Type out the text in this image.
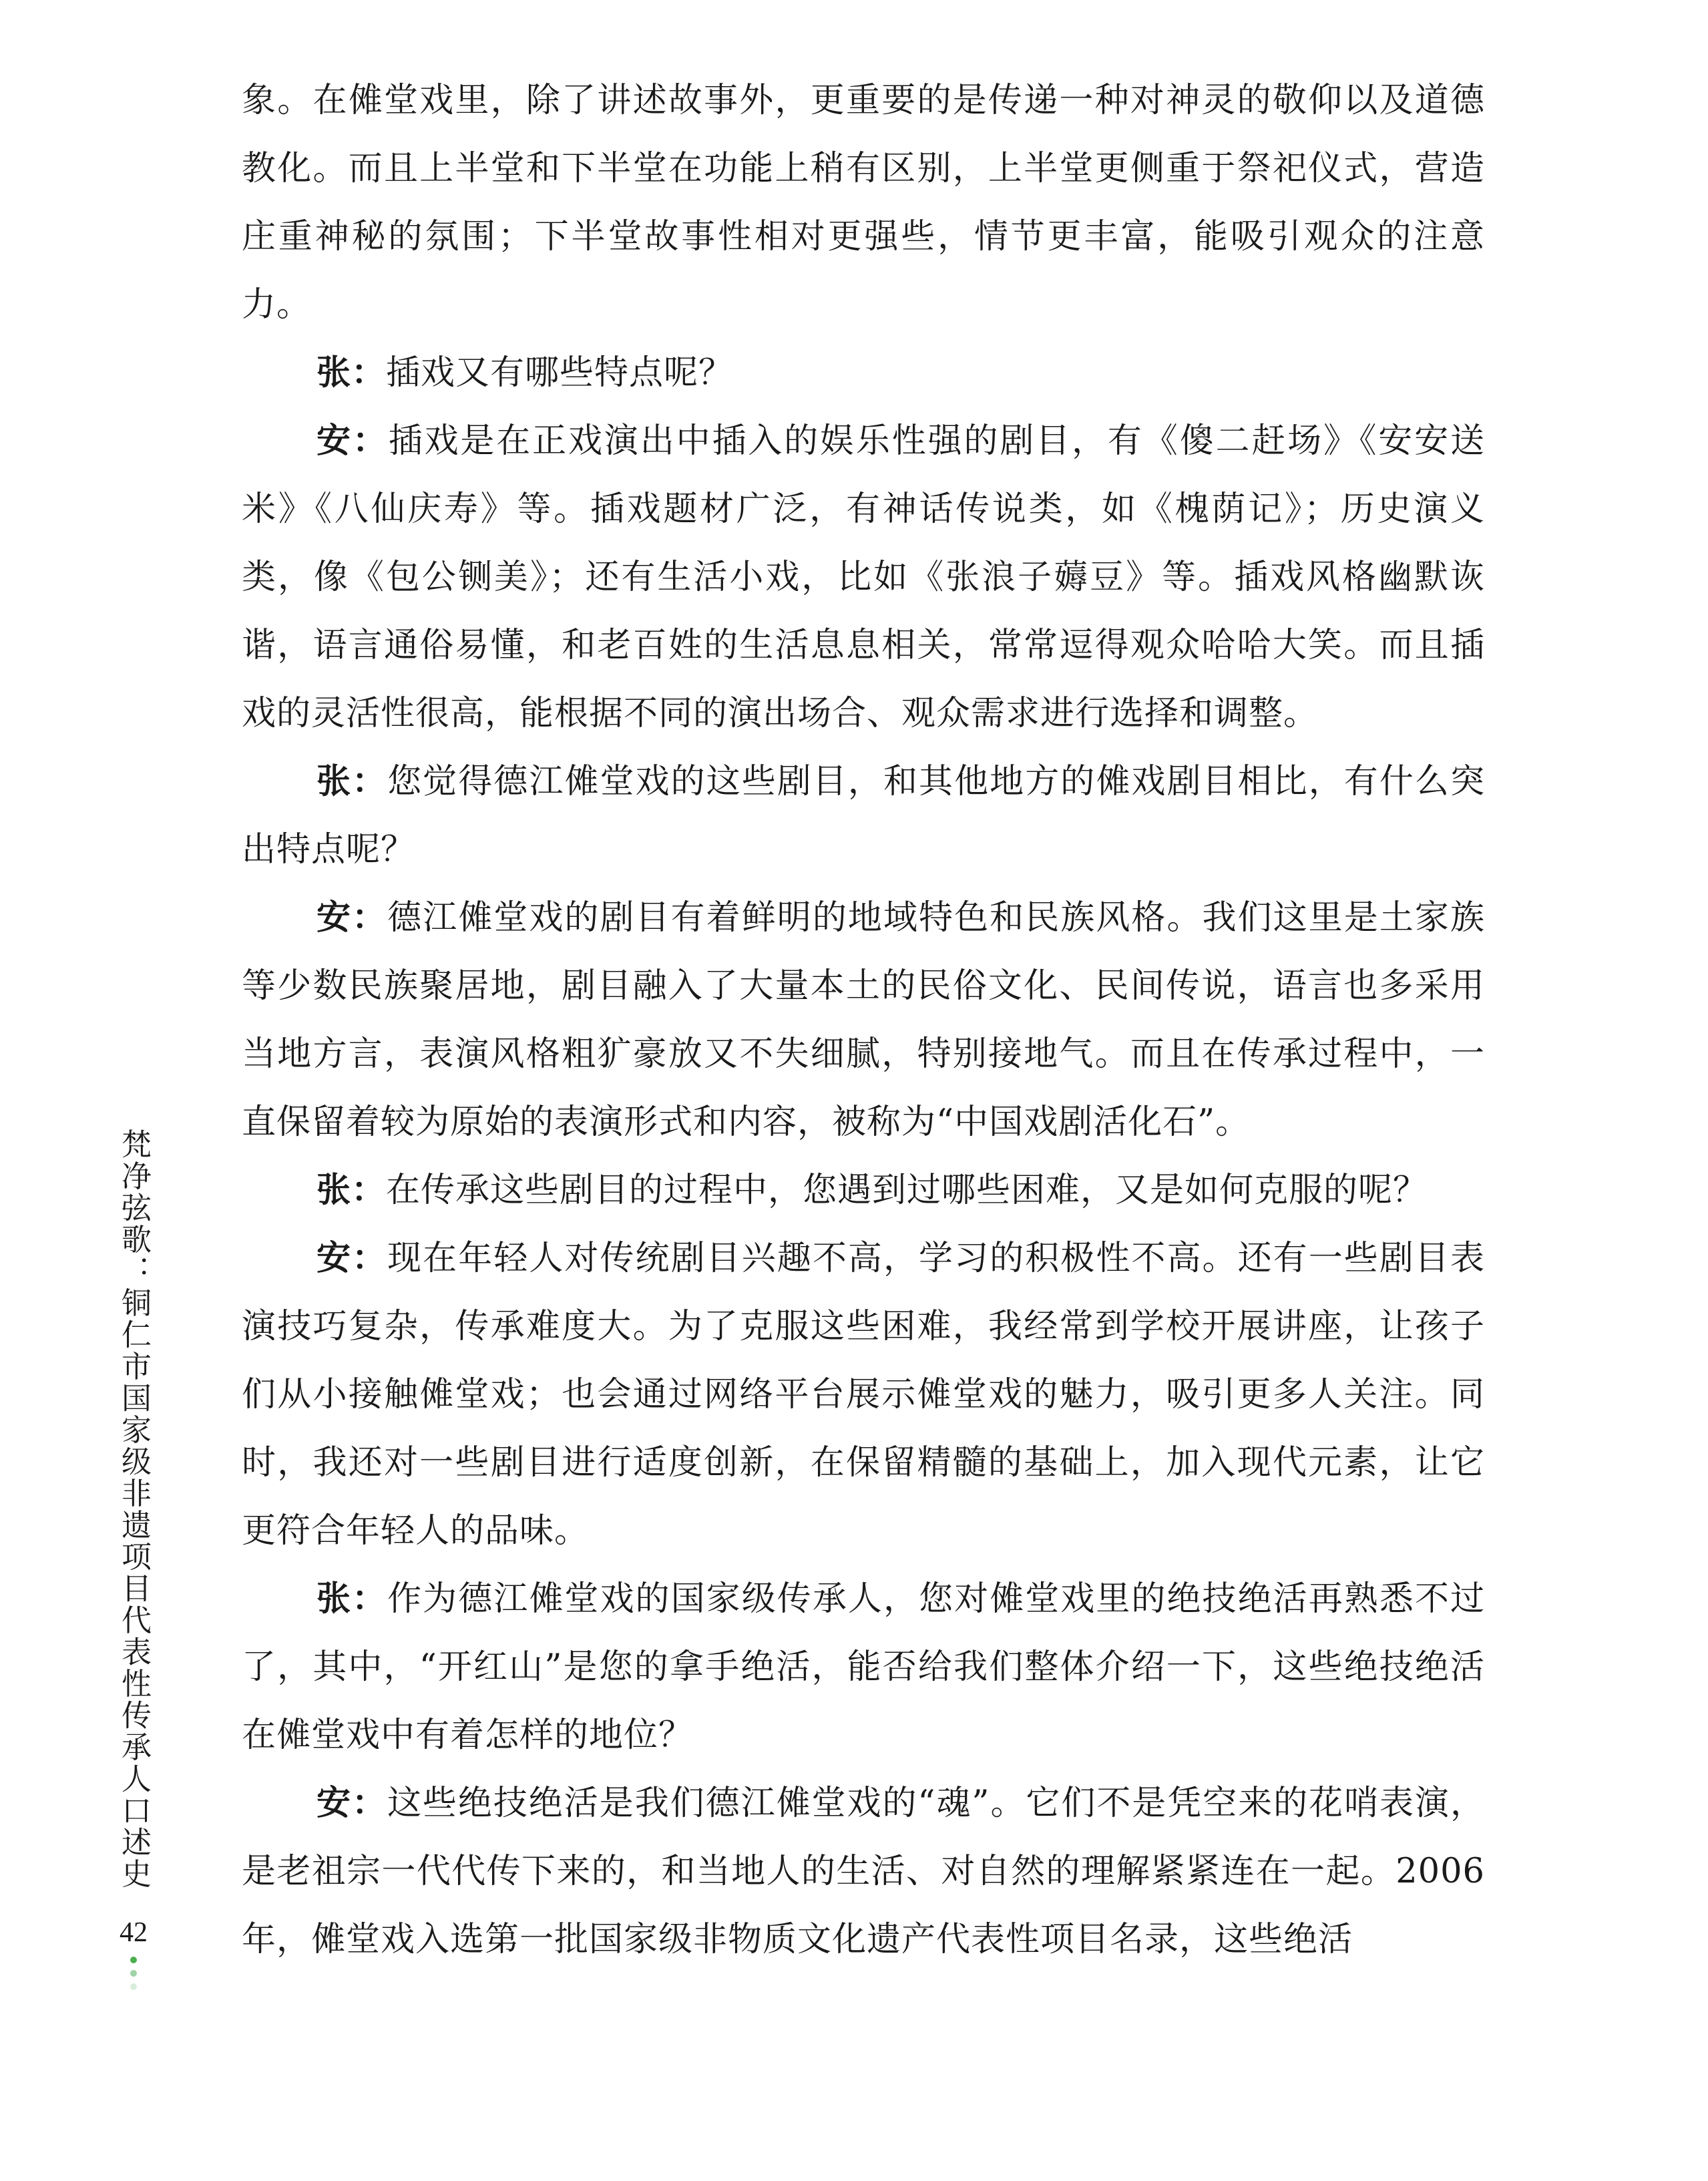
象。在傩堂戏里，除了讲述故事外，更重要的是传递一种对神灵的敬仰以及道德教化。而且上半堂和下半堂在功能上稍有区别，上半堂更侧重于祭祀仪式，营造庄重神秘的氛围；下半堂故事性相对更强些，情节更丰富，能吸引观众的注意力。

张：插戏又有哪些特点呢？

安：插戏是在正戏演出中插入的娱乐性强的剧目，有《傻二赶场》《安安送米》《八仙庆寿》等。插戏题材广泛，有神话传说类，如《槐荫记》；历史演义类，像《包公铡美》；还有生活小戏，比如《张浪子薅豆》等。插戏风格幽默诙谐，语言通俗易懂，和老百姓的生活息息相关，常常逗得观众哈哈大笑。而且插戏的灵活性很高，能根据不同的演出场合、观众需求进行选择和调整。

张：您觉得德江傩堂戏的这些剧目，和其他地方的傩戏剧目相比，有什么突出特点呢？

安：德江傩堂戏的剧目有着鲜明的地域特色和民族风格。我们这里是土家族等少数民族聚居地，剧目融入了大量本土的民俗文化、民间传说，语言也多采用当地方言，表演风格粗犷豪放又不失细腻，特别接地气。而且在传承过程中，一直保留着较为原始的表演形式和内容，被称为“中国戏剧活化石”。

张：在传承这些剧目的过程中，您遇到过哪些困难，又是如何克服的呢？

安：现在年轻人对传统剧目兴趣不高，学习的积极性不高。还有一些剧目表演技巧复杂，传承难度大。为了克服这些困难，我经常到学校开展讲座，让孩子们从小接触傩堂戏；也会通过网络平台展示傩堂戏的魅力，吸引更多人关注。同时，我还对一些剧目进行适度创新，在保留精髓的基础上，加入现代元素，让它更符合年轻人的品味。

张：作为德江傩堂戏的国家级传承人，您对傩堂戏里的绝技绝活再熟悉不过了，其中，“开红山”是您的拿手绝活，能否给我们整体介绍一下，这些绝技绝活在傩堂戏中有着怎样的地位？

安：这些绝技绝活是我们德江傩堂戏的“魂”。它们不是凭空来的花哨表演，是老祖宗一代代传下来的，和当地人的生活、对自然的理解紧紧连在一起。2006 年，傩堂戏入选第一批国家级非物质文化遗产代表性项目名录，这些绝活

梵净弦歌：铜仁市国家级非遗项目代表性传承人口述史
42
